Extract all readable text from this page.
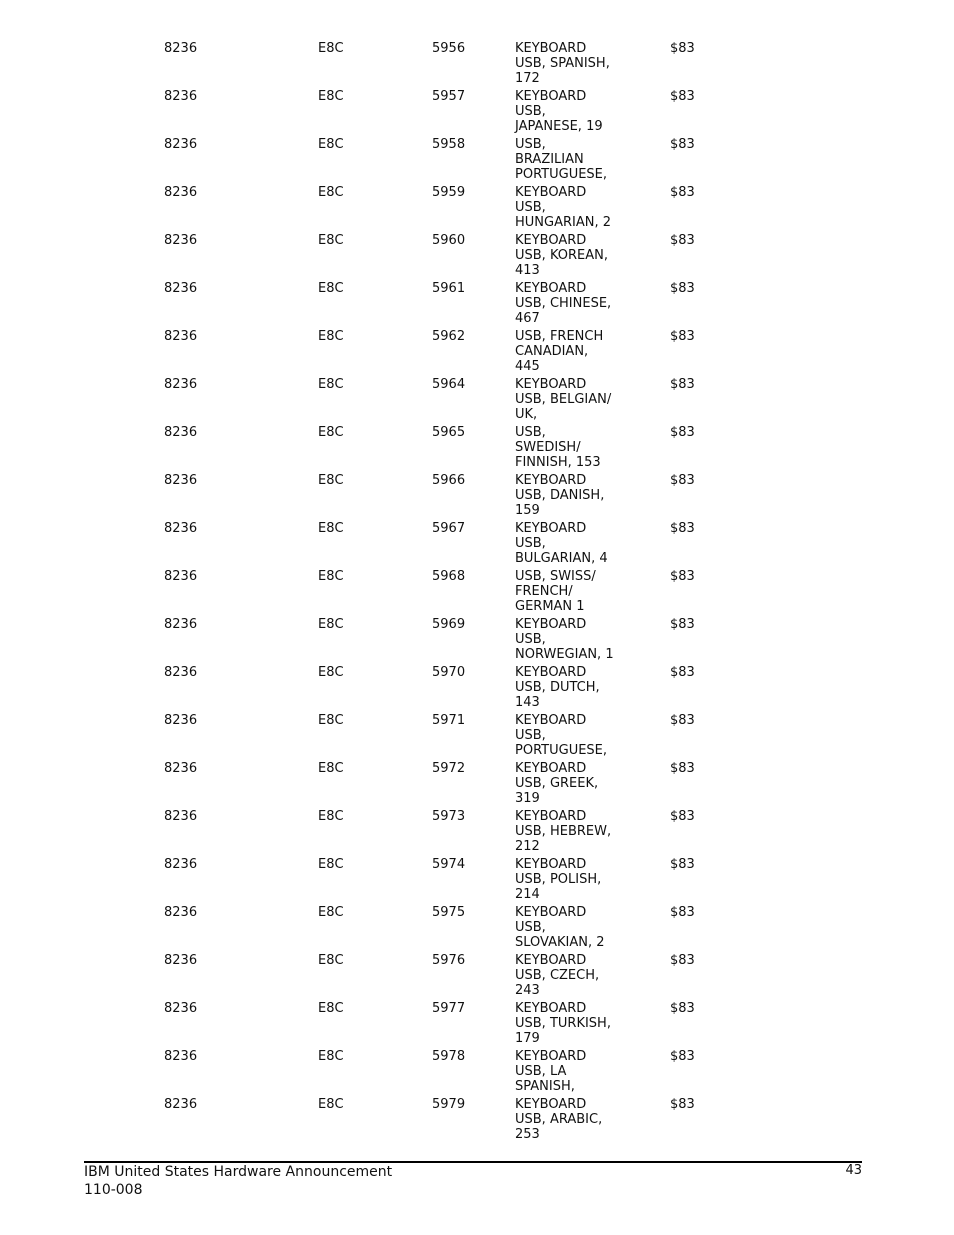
8236	E8C	5956	KEYBOARD
USB, SPANISH,
172
$83
8236	E8C	5957	KEYBOARD
USB,
JAPANESE, 19
$83
8236	E8C	5958	USB,
BRAZILIAN
PORTUGUESE,
$83
8236	E8C	5959	KEYBOARD
USB,
HUNGARIAN, 2
$83
8236	E8C	5960	KEYBOARD
USB, KOREAN,
413
$83
8236	E8C	5961	KEYBOARD
USB, CHINESE,
467
$83
8236	E8C	5962	USB, FRENCH
CANADIAN,
445
$83
8236	E8C	5964	KEYBOARD
USB, BELGIAN/
UK,
$83
8236	E8C	5965	USB,
SWEDISH/
FINNISH, 153
$83
8236	E8C	5966	KEYBOARD
USB, DANISH,
159
$83
8236	E8C	5967	KEYBOARD
USB,
BULGARIAN, 4
$83
8236	E8C	5968	USB, SWISS/
FRENCH/
GERMAN 1
$83
8236	E8C	5969	KEYBOARD
USB,
NORWEGIAN, 1
$83
8236	E8C	5970	KEYBOARD
USB, DUTCH,
143
$83
8236	E8C	5971	KEYBOARD
USB,
PORTUGUESE,
$83
8236	E8C	5972	KEYBOARD
USB, GREEK,
319
$83
8236	E8C	5973	KEYBOARD
USB, HEBREW,
212
$83
8236	E8C	5974	KEYBOARD
USB, POLISH,
214
$83
8236	E8C	5975	KEYBOARD
USB,
SLOVAKIAN, 2
$83
8236	E8C	5976	KEYBOARD
USB, CZECH,
243
$83
8236	E8C	5977	KEYBOARD
USB, TURKISH,
179
$83
8236	E8C	5978	KEYBOARD
USB, LA
SPANISH,
$83
8236	E8C	5979	KEYBOARD
USB, ARABIC,
253
$83
IBM United States Hardware Announcement
110-008
43
